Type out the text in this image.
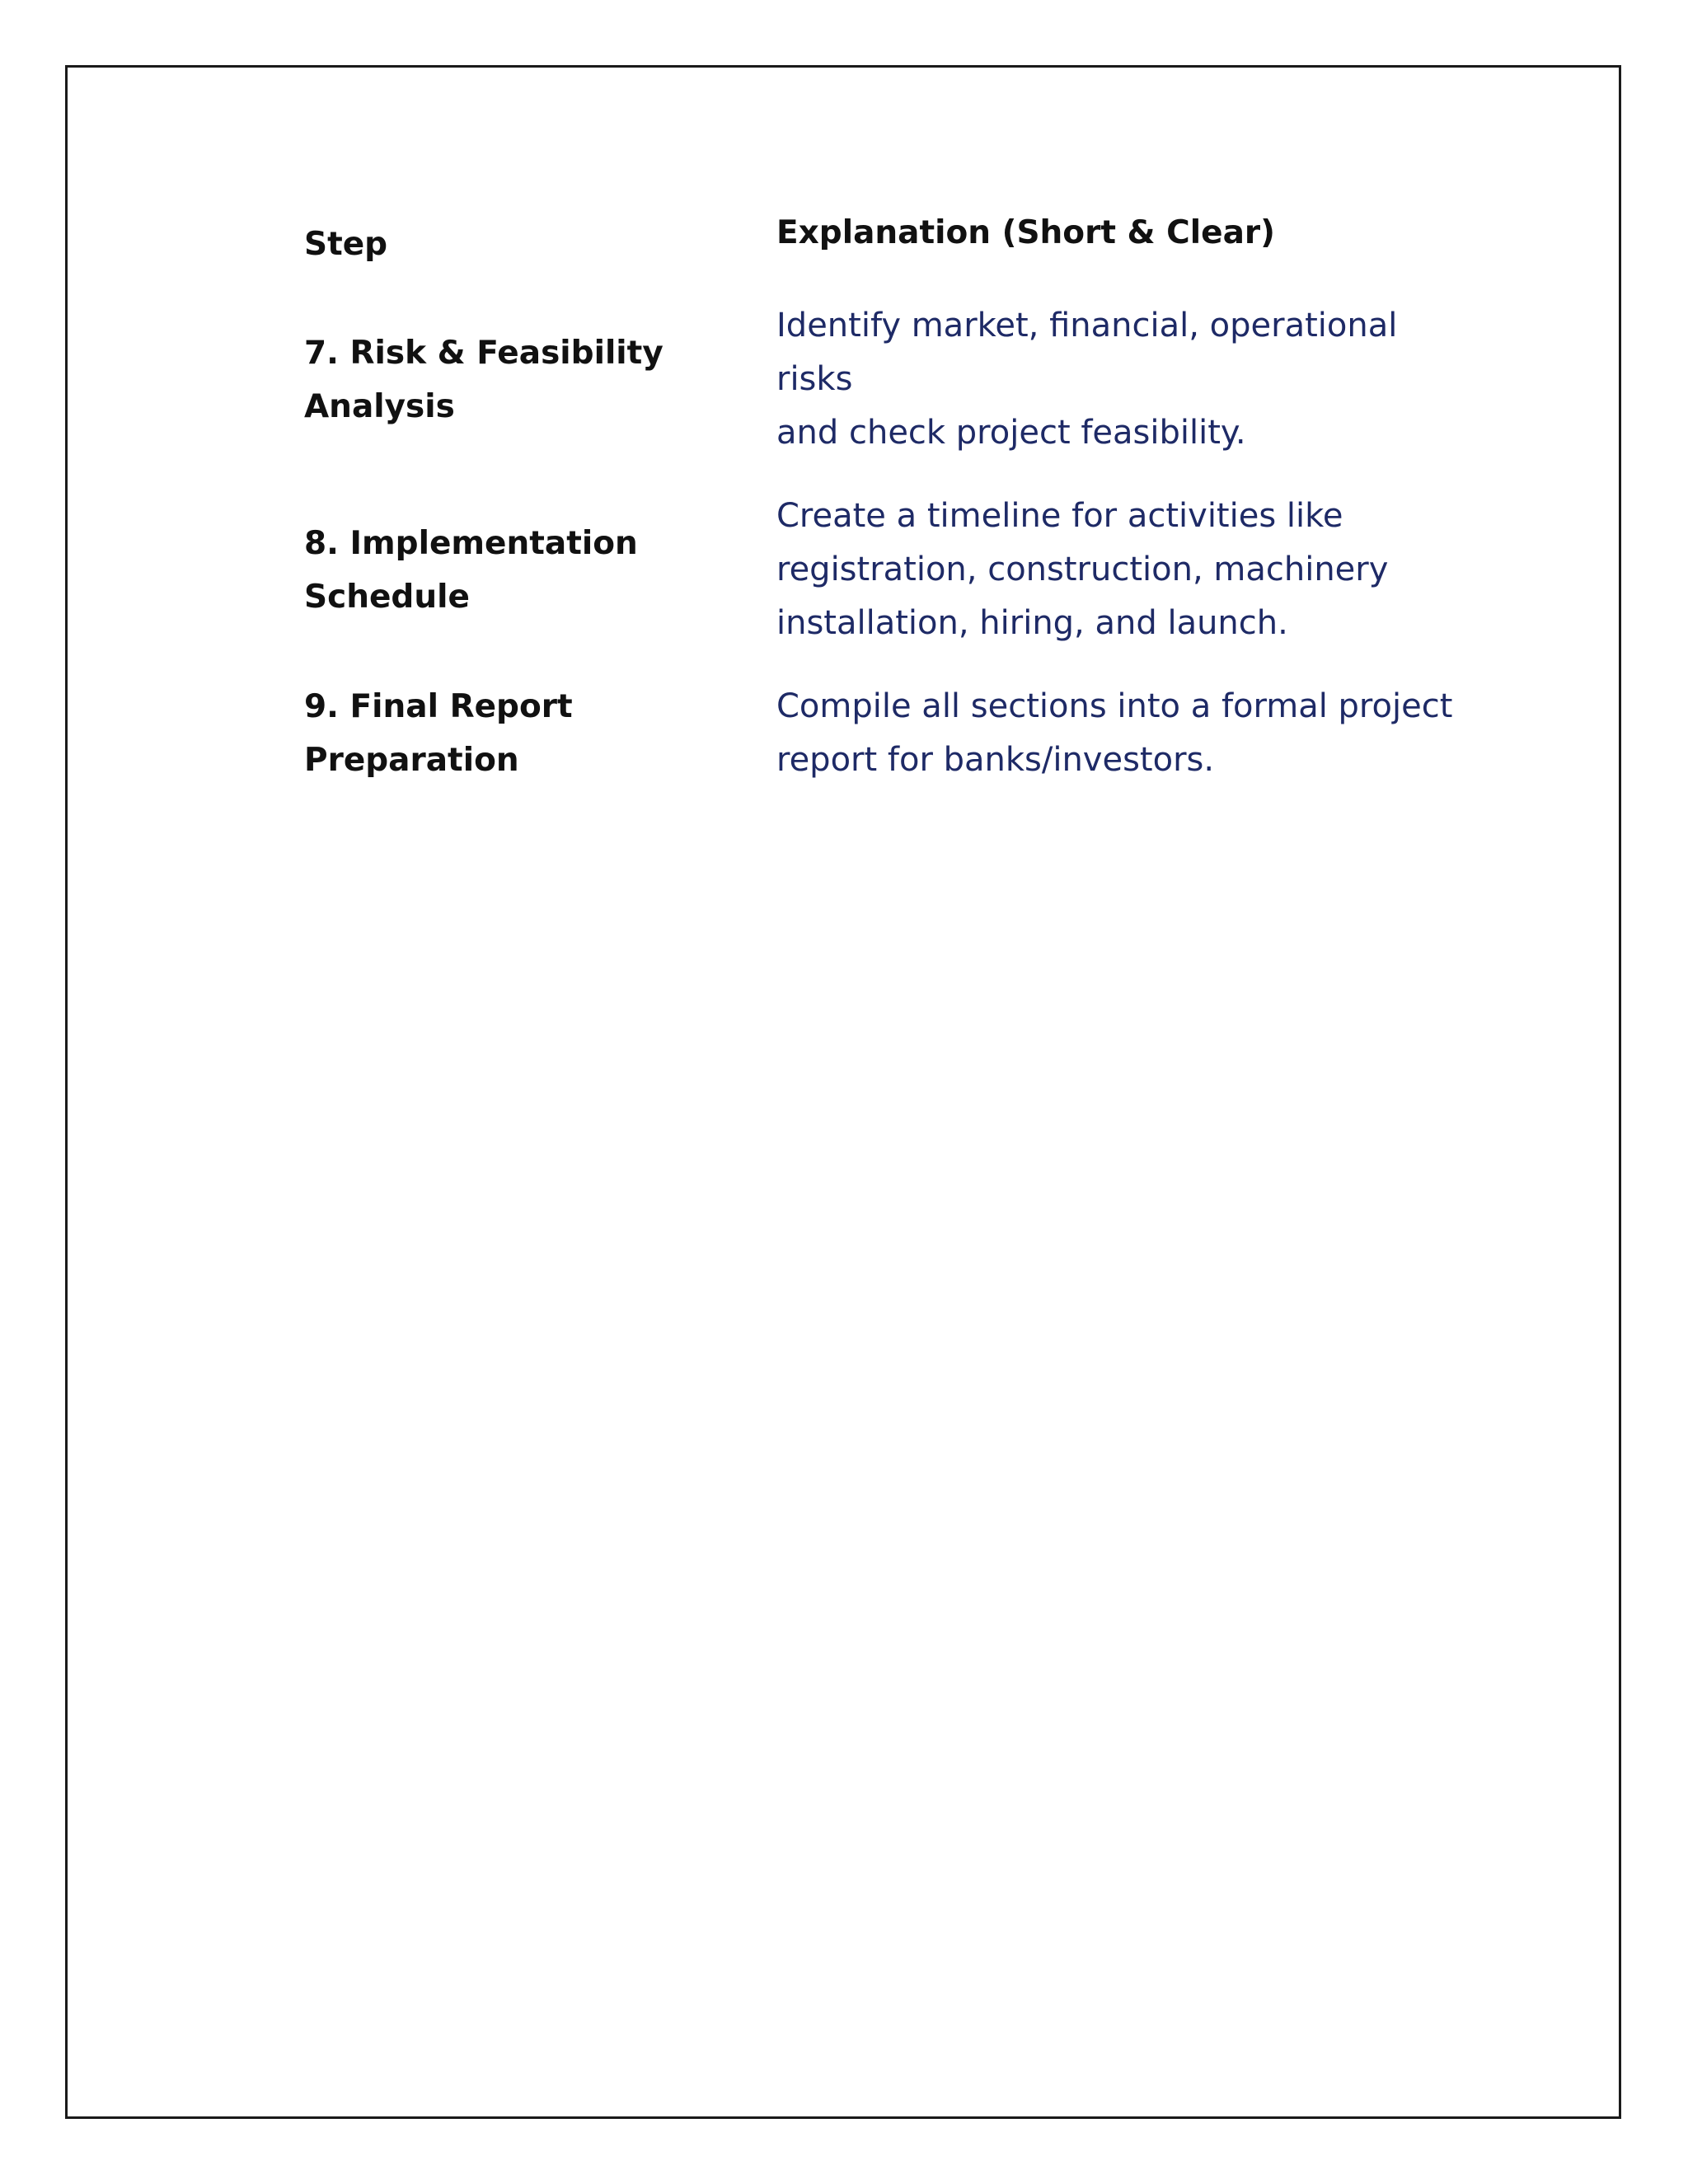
Step	Explanation (Short & Clear)
7. Risk & Feasibility
Analysis
Identify market, financial, operational risks
and check project feasibility.
8. Implementation
Schedule
Create a timeline for activities like
registration, construction, machinery
installation, hiring, and launch.
9. Final Report
Preparation
Compile all sections into a formal project
report for banks/investors.
